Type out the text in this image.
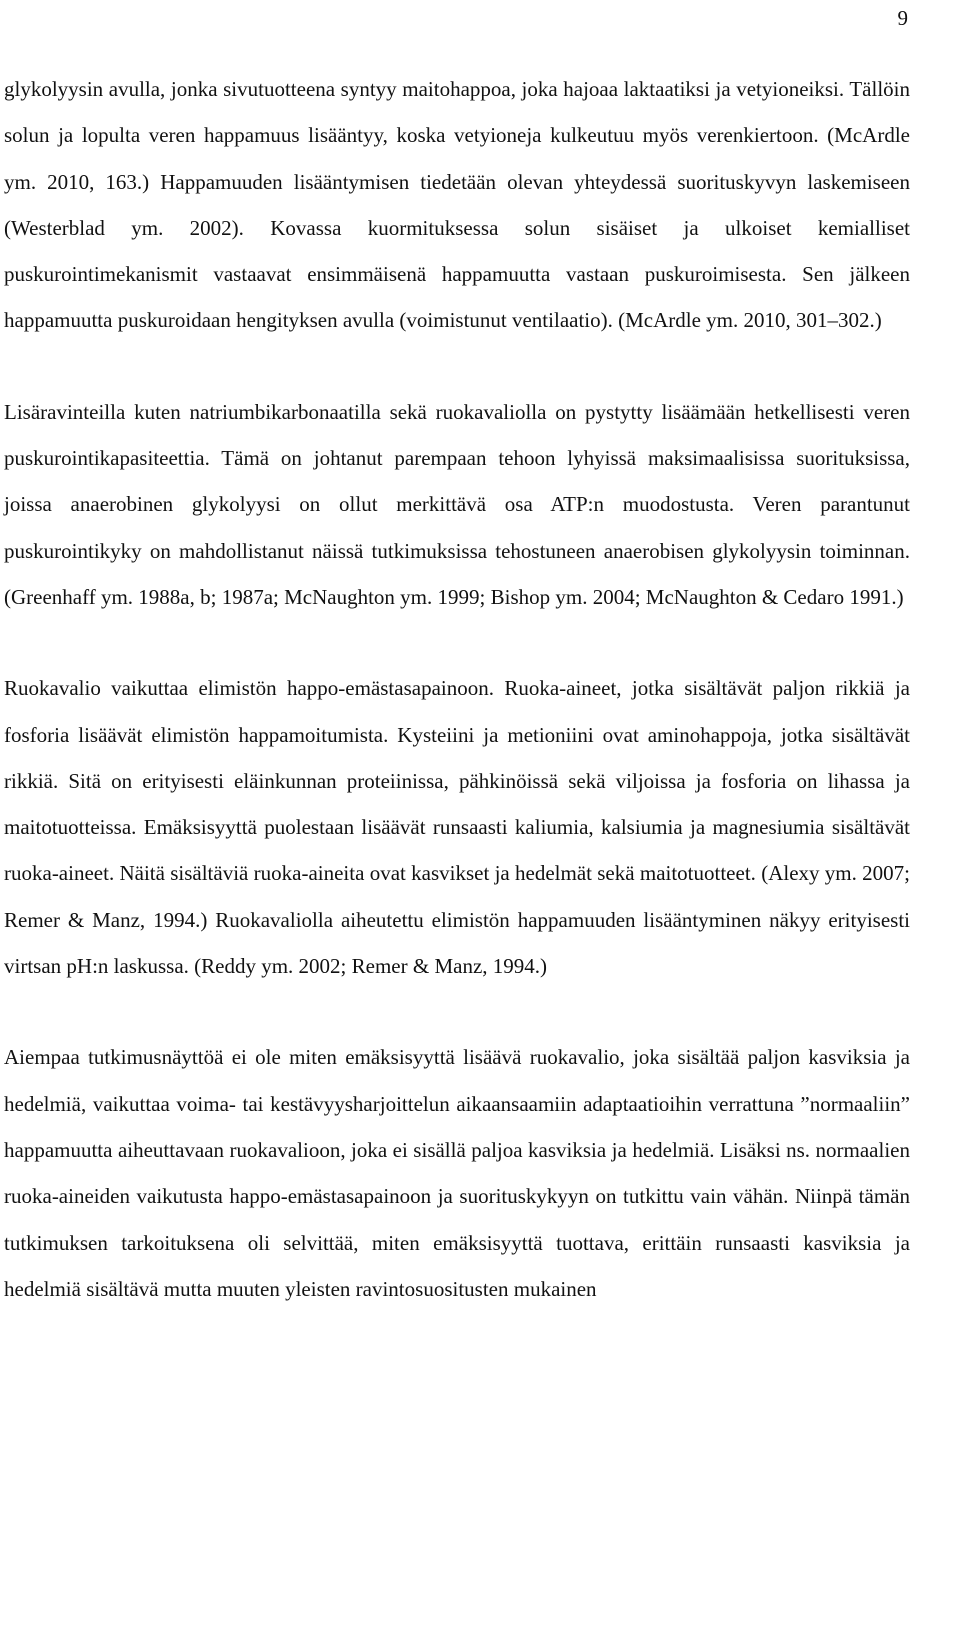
9

glykolyysin avulla, jonka sivutuotteena syntyy maitohappoa, joka hajoaa laktaatiksi ja vetyioneiksi. Tällöin solun ja lopulta veren happamuus lisääntyy, koska vetyioneja kulkeutuu myös verenkiertoon. (McArdle ym. 2010, 163.) Happamuuden lisääntymisen tiedetään olevan yhteydessä suorituskyvyn laskemiseen (Westerblad ym. 2002). Kovassa kuormituksessa solun sisäiset ja ulkoiset kemialliset puskurointimekanismit vastaavat ensimmäisenä happamuutta vastaan puskuroimisesta. Sen jälkeen happamuutta puskuroidaan hengityksen avulla (voimistunut ventilaatio). (McArdle ym. 2010, 301–302.)

Lisäravinteilla kuten natriumbikarbonaatilla sekä ruokavaliolla on pystytty lisäämään hetkellisesti veren puskurointikapasiteettia. Tämä on johtanut parempaan tehoon lyhyissä maksimaalisissa suorituksissa, joissa anaerobinen glykolyysi on ollut merkittävä osa ATP:n muodostusta. Veren parantunut puskurointikyky on mahdollistanut näissä tutkimuksissa tehostuneen anaerobisen glykolyysin toiminnan. (Greenhaff ym. 1988a, b; 1987a; McNaughton ym. 1999; Bishop ym. 2004; McNaughton & Cedaro 1991.)

Ruokavalio vaikuttaa elimistön happo-emästasapainoon. Ruoka-aineet, jotka sisältävät paljon rikkiä ja fosforia lisäävät elimistön happamoitumista. Kysteiini ja metioniini ovat aminohappoja, jotka sisältävät rikkiä. Sitä on erityisesti eläinkunnan proteiinissa, pähkinöissä sekä viljoissa ja fosforia on lihassa ja maitotuotteissa. Emäksisyyttä puolestaan lisäävät runsaasti kaliumia, kalsiumia ja magnesiumia sisältävät ruoka-aineet. Näitä sisältäviä ruoka-aineita ovat kasvikset ja hedelmät sekä maitotuotteet. (Alexy ym. 2007; Remer & Manz, 1994.) Ruokavaliolla aiheutettu elimistön happamuuden lisääntyminen näkyy erityisesti virtsan pH:n laskussa. (Reddy ym. 2002; Remer & Manz, 1994.)

Aiempaa tutkimusnäyttöä ei ole miten emäksisyyttä lisäävä ruokavalio, joka sisältää paljon kasviksia ja hedelmiä, vaikuttaa voima- tai kestävyysharjoittelun aikaansaamiin adaptaatioihin verrattuna ”normaaliin” happamuutta aiheuttavaan ruokavalioon, joka ei sisällä paljoa kasviksia ja hedelmiä. Lisäksi ns. normaalien ruoka-aineiden vaikutusta happo-emästasapainoon ja suorituskykyyn on tutkittu vain vähän. Niinpä tämän tutkimuksen tarkoituksena oli selvittää, miten emäksisyyttä tuottava, erittäin runsaasti kasviksia ja hedelmiä sisältävä mutta muuten yleisten ravintosuositusten mukainen
